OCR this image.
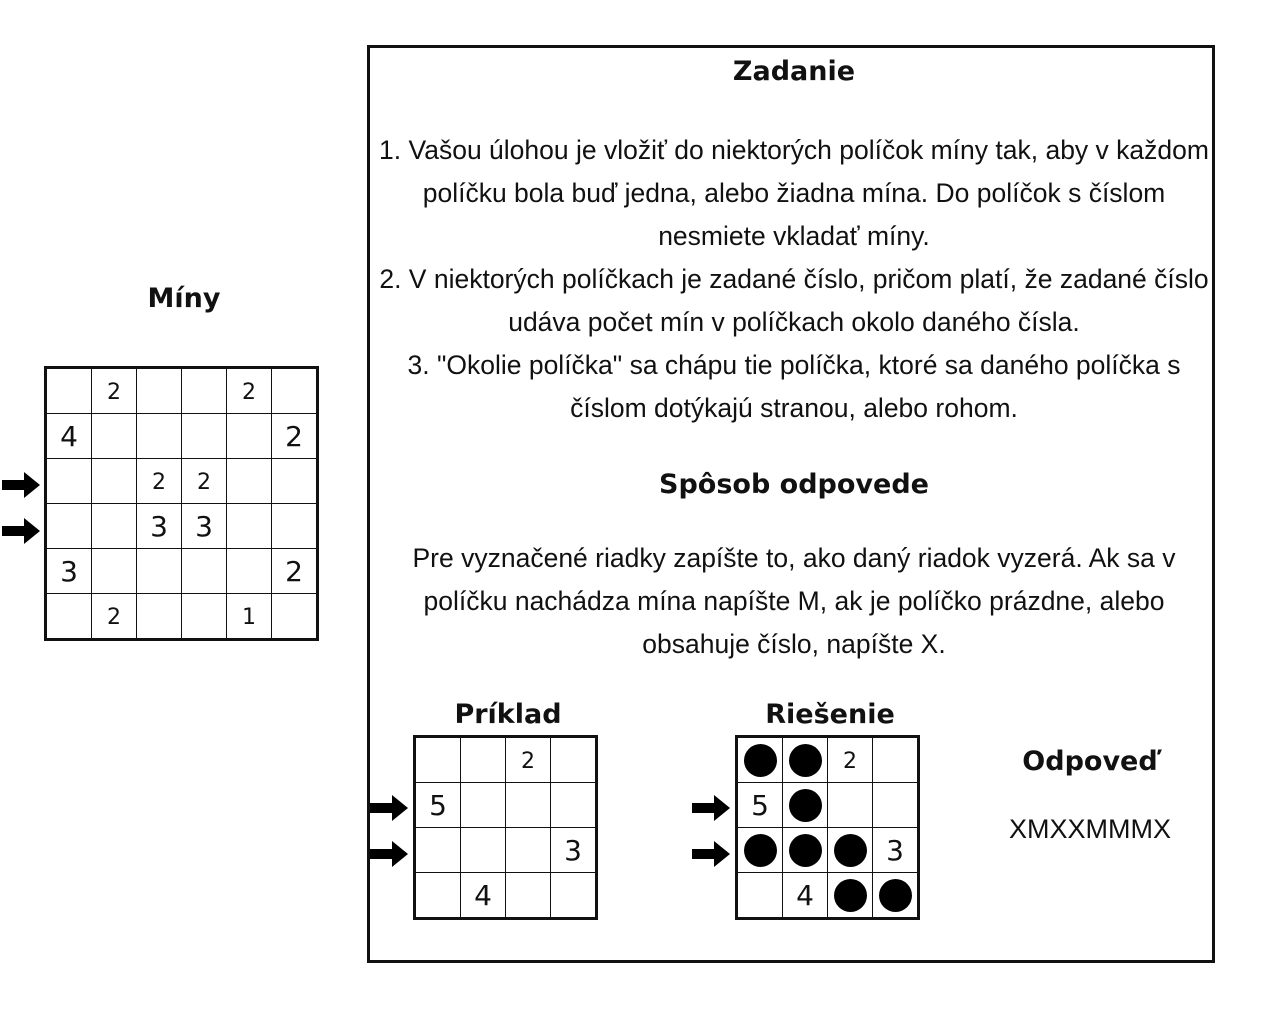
Míny
	2			2	
4					2
		2	2		
		3	3		
3					2
	2			1	
Zadanie

1. Vašou úlohou je vložiť do niektorých políčok míny tak, aby v každom políčku bola buď jedna, alebo žiadna mína. Do políčok s číslom nesmiete vkladať míny.

2. V niektorých políčkach je zadané číslo, pričom platí, že zadané číslo udáva počet mín v políčkach okolo daného čísla.

3. "Okolie políčka" sa chápu tie políčka, ktoré sa daného políčka s číslom dotýkajú stranou, alebo rohom.

Spôsob odpovede

Pre vyznačené riadky zapíšte to, ako daný riadok vyzerá. Ak sa v políčku nachádza mína napíšte M, ak je políčko prázdne, alebo obsahuje číslo, napíšte X.

Príklad
		2	
5			
			3
	4		
Riešenie
		2	
5			
			3
	4		
Odpoveď
XMXXMMMX
